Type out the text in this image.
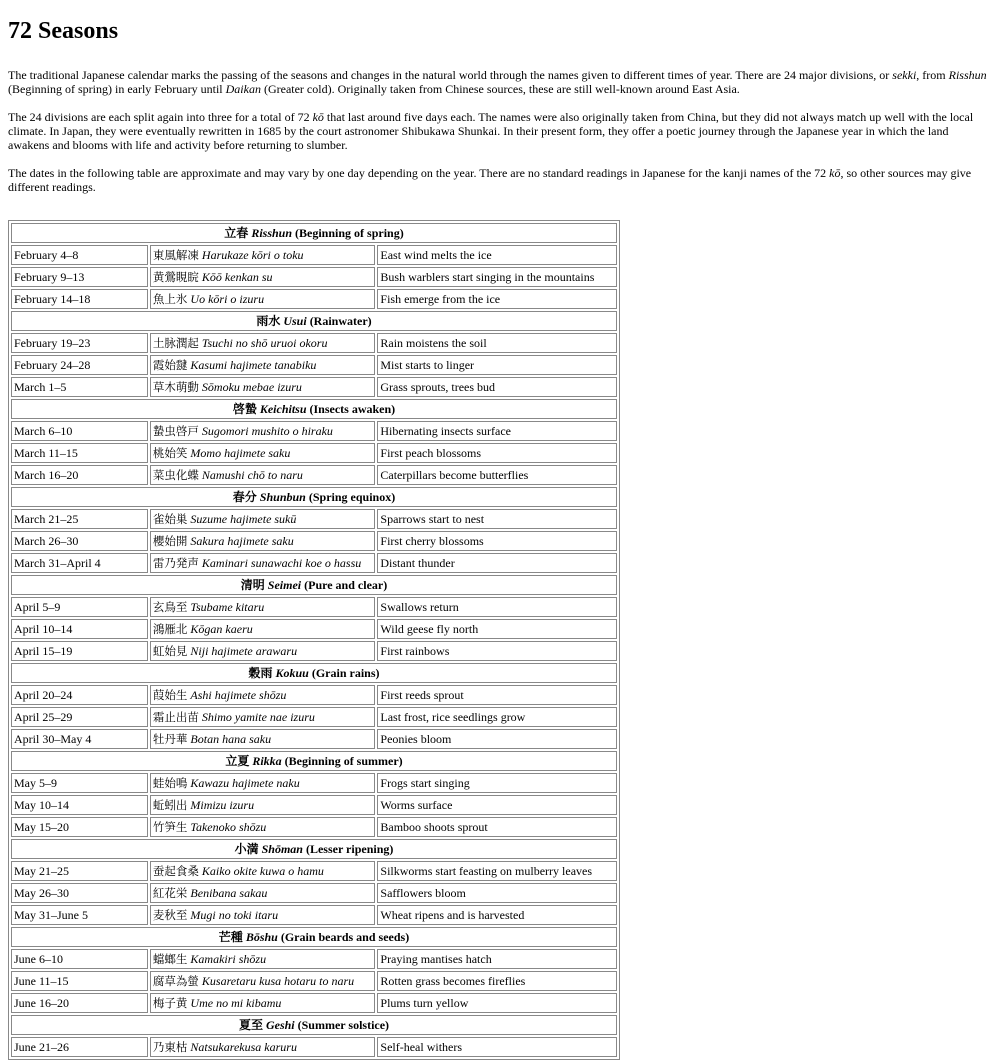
72 Seasons

The traditional Japanese calendar marks the passing of the seasons and changes in the natural world through the names given to different times of year. There are 24 major divisions, or sekki, from Risshun (Beginning of spring) in early February until Daikan (Greater cold). Originally taken from Chinese sources, these are still well-known around East Asia.

The 24 divisions are each split again into three for a total of 72 kō that last around five days each. The names were also originally taken from China, but they did not always match up well with the local climate. In Japan, they were eventually rewritten in 1685 by the court astronomer Shibukawa Shunkai. In their present form, they offer a poetic journey through the Japanese year in which the land awakens and blooms with life and activity before returning to slumber.

The dates in the following table are approximate and may vary by one day depending on the year. There are no standard readings in Japanese for the kanji names of the 72 kō, so other sources may give different readings.

立春 Risshun (Beginning of spring)		
February 4–8	東風解凍 Harukaze kōri o toku	East wind melts the ice
February 9–13	黄鶯睍睆 Kōō kenkan su	Bush warblers start singing in the mountains
February 14–18	魚上氷 Uo kōri o izuru	Fish emerge from the ice
雨水 Usui (Rainwater)		
February 19–23	土脉潤起 Tsuchi no shō uruoi okoru	Rain moistens the soil
February 24–28	霞始靆 Kasumi hajimete tanabiku	Mist starts to linger
March 1–5	草木萌動 Sōmoku mebae izuru	Grass sprouts, trees bud
啓蟄 Keichitsu (Insects awaken)		
March 6–10	蟄虫啓戸 Sugomori mushito o hiraku	Hibernating insects surface
March 11–15	桃始笑 Momo hajimete saku	First peach blossoms
March 16–20	菜虫化蝶 Namushi chō to naru	Caterpillars become butterflies
春分 Shunbun (Spring equinox)		
March 21–25	雀始巣 Suzume hajimete sukū	Sparrows start to nest
March 26–30	櫻始開 Sakura hajimete saku	First cherry blossoms
March 31–April 4	雷乃発声 Kaminari sunawachi koe o hassu	Distant thunder
清明 Seimei (Pure and clear)		
April 5–9	玄鳥至 Tsubame kitaru	Swallows return
April 10–14	鴻雁北 Kōgan kaeru	Wild geese fly north
April 15–19	虹始見 Niji hajimete arawaru	First rainbows
穀雨 Kokuu (Grain rains)		
April 20–24	葭始生 Ashi hajimete shōzu	First reeds sprout
April 25–29	霜止出苗 Shimo yamite nae izuru	Last frost, rice seedlings grow
April 30–May 4	牡丹華 Botan hana saku	Peonies bloom
立夏 Rikka (Beginning of summer)		
May 5–9	蛙始鳴 Kawazu hajimete naku	Frogs start singing
May 10–14	蚯蚓出 Mimizu izuru	Worms surface
May 15–20	竹笋生 Takenoko shōzu	Bamboo shoots sprout
小満 Shōman (Lesser ripening)		
May 21–25	蚕起食桑 Kaiko okite kuwa o hamu	Silkworms start feasting on mulberry leaves
May 26–30	紅花栄 Benibana sakau	Safflowers bloom
May 31–June 5	麦秋至 Mugi no toki itaru	Wheat ripens and is harvested
芒種 Bōshu (Grain beards and seeds)		
June 6–10	蟷螂生 Kamakiri shōzu	Praying mantises hatch
June 11–15	腐草為螢 Kusaretaru kusa hotaru to naru	Rotten grass becomes fireflies
June 16–20	梅子黄 Ume no mi kibamu	Plums turn yellow
夏至 Geshi (Summer solstice)		
June 21–26	乃東枯 Natsukarekusa karuru	Self-heal withers
